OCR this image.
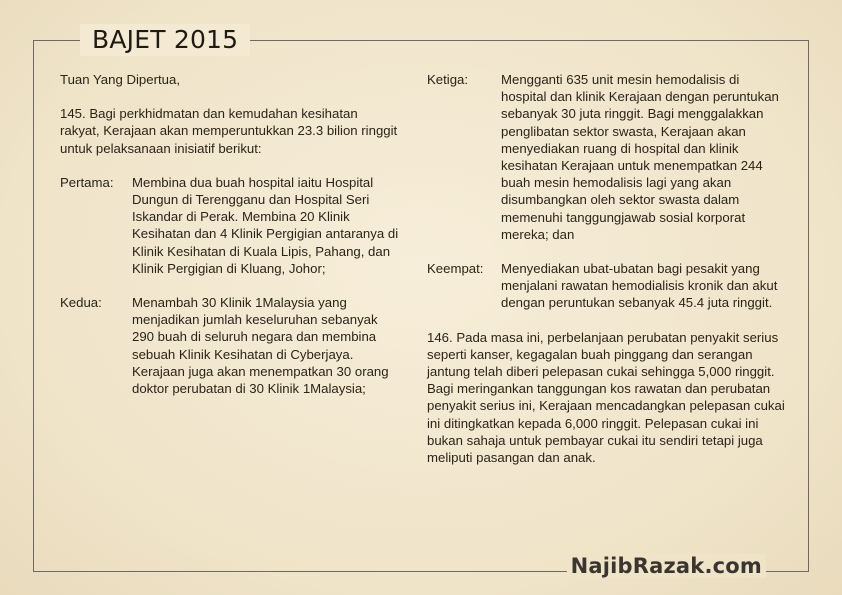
BAJET 2015

Tuan Yang Dipertua,

145. Bagi perkhidmatan dan kemudahan kesihatan rakyat, Kerajaan akan memperuntukkan 23.3 bilion ringgit untuk pelaksanaan inisiatif berikut:

Pertama:	Membina dua buah hospital iaitu Hospital Dungun di Terengganu dan Hospital Seri Iskandar di Perak. Membina 20 Klinik Kesihatan dan 4 Klinik Pergigian antaranya di Klinik Kesihatan di Kuala Lipis, Pahang, dan Klinik Pergigian di Kluang, Johor;
Kedua:	Menambah 30 Klinik 1Malaysia yang menjadikan jumlah keseluruhan sebanyak 290 buah di seluruh negara dan membina sebuah Klinik Kesihatan di Cyberjaya. Kerajaan juga akan menempatkan 30 orang doktor perubatan di 30 Klinik 1Malaysia;
Ketiga:	Mengganti 635 unit mesin hemodalisis di hospital dan klinik Kerajaan dengan peruntukan sebanyak 30 juta ringgit. Bagi menggalakkan penglibatan sektor swasta, Kerajaan akan menyediakan ruang di hospital dan klinik kesihatan Kerajaan untuk menempatkan 244 buah mesin hemodalisis lagi yang akan disumbangkan oleh sektor swasta dalam memenuhi tanggungjawab sosial korporat mereka; dan
Keempat:	Menyediakan ubat-ubatan bagi pesakit yang menjalani rawatan hemodialisis kronik dan akut dengan peruntukan sebanyak 45.4 juta ringgit.

146. Pada masa ini, perbelanjaan perubatan penyakit serius seperti kanser, kegagalan buah pinggang dan serangan jantung telah diberi pelepasan cukai sehingga 5,000 ringgit. Bagi meringankan tanggungan kos rawatan dan perubatan penyakit serius ini, Kerajaan mencadangkan pelepasan cukai ini ditingkatkan kepada 6,000 ringgit. Pelepasan cukai ini bukan sahaja untuk pembayar cukai itu sendiri tetapi juga meliputi pasangan dan anak.

NajibRazak.com
